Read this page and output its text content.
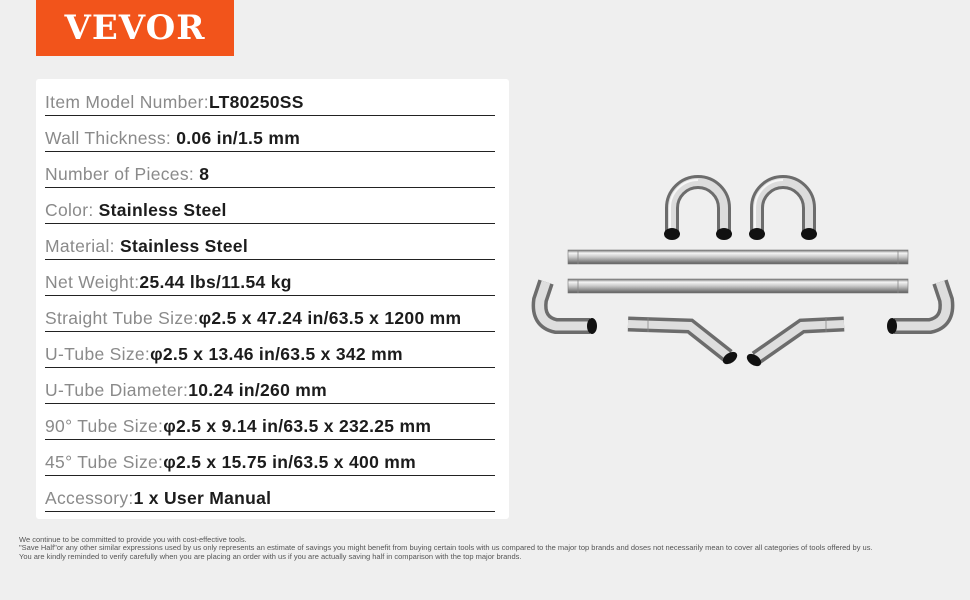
VEVOR
Item Model Number:LT80250SS
Wall Thickness: 0.06 in/1.5 mm
Number of Pieces: 8
Color: Stainless Steel
Material: Stainless Steel
Net Weight:25.44 lbs/11.54 kg
Straight Tube Size:φ2.5 x 47.24 in/63.5 x 1200 mm
U-Tube Size:φ2.5 x 13.46 in/63.5 x 342 mm
U-Tube Diameter:10.24 in/260 mm
90° Tube Size:φ2.5 x 9.14 in/63.5 x 232.25 mm
45° Tube Size:φ2.5 x 15.75 in/63.5 x 400 mm
Accessory:1 x User Manual
We continue to be committed to provide you with cost-effective tools.
"Save Half"or any other similar expressions used by us only represents an estimate of savings you might benefit from buying certain tools with us compared to the major top brands and doses not necessarily mean to cover all categories of tools offered by us.
You are kindly reminded to verify carefully when you are placing an order with us if you are actually saving half in comparison with the top major brands.
